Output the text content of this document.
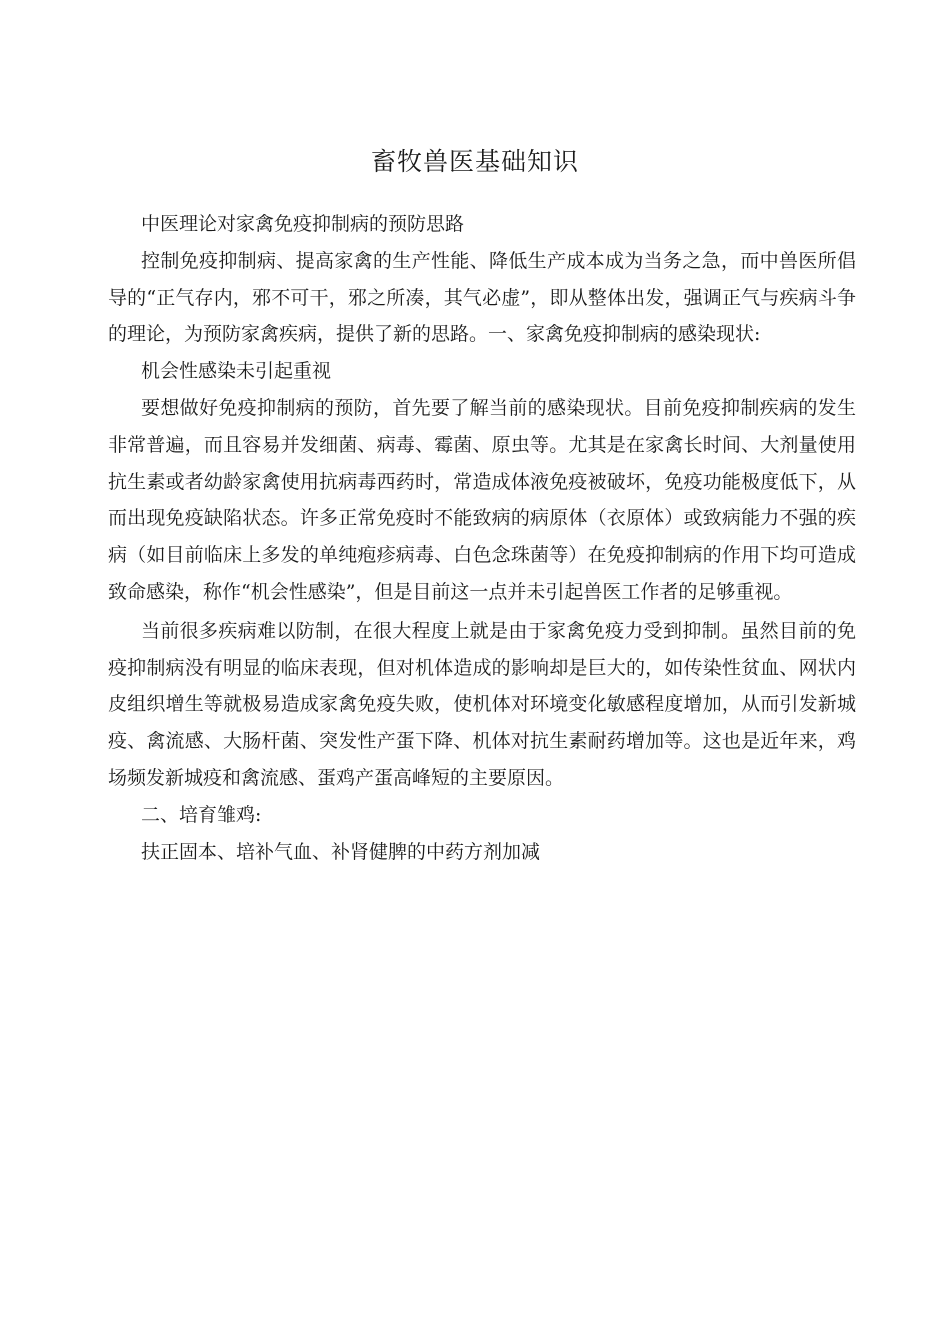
畜牧兽医基础知识

中医理论对家禽免疫抑制病的预防思路

控制免疫抑制病、提高家禽的生产性能、降低生产成本成为当务之急，而中兽医所倡导的“正气存内，邪不可干，邪之所凑，其气必虚”，即从整体出发，强调正气与疾病斗争的理论，为预防家禽疾病，提供了新的思路。一、家禽免疫抑制病的感染现状:

机会性感染未引起重视

要想做好免疫抑制病的预防，首先要了解当前的感染现状。目前免疫抑制疾病的发生非常普遍，而且容易并发细菌、病毒、霉菌、原虫等。尤其是在家禽长时间、大剂量使用抗生素或者幼龄家禽使用抗病毒西药时，常造成体液免疫被破坏，免疫功能极度低下，从而出现免疫缺陷状态。许多正常免疫时不能致病的病原体（衣原体）或致病能力不强的疾病（如目前临床上多发的单纯疱疹病毒、白色念珠菌等）在免疫抑制病的作用下均可造成致命感染，称作“机会性感染”，但是目前这一点并未引起兽医工作者的足够重视。

当前很多疾病难以防制，在很大程度上就是由于家禽免疫力受到抑制。虽然目前的免疫抑制病没有明显的临床表现，但对机体造成的影响却是巨大的，如传染性贫血、网状内皮组织增生等就极易造成家禽免疫失败，使机体对环境变化敏感程度增加，从而引发新城疫、禽流感、大肠杆菌、突发性产蛋下降、机体对抗生素耐药增加等。这也是近年来，鸡场频发新城疫和禽流感、蛋鸡产蛋高峰短的主要原因。

二、培育雏鸡:

扶正固本、培补气血、补肾健脾的中药方剂加减
